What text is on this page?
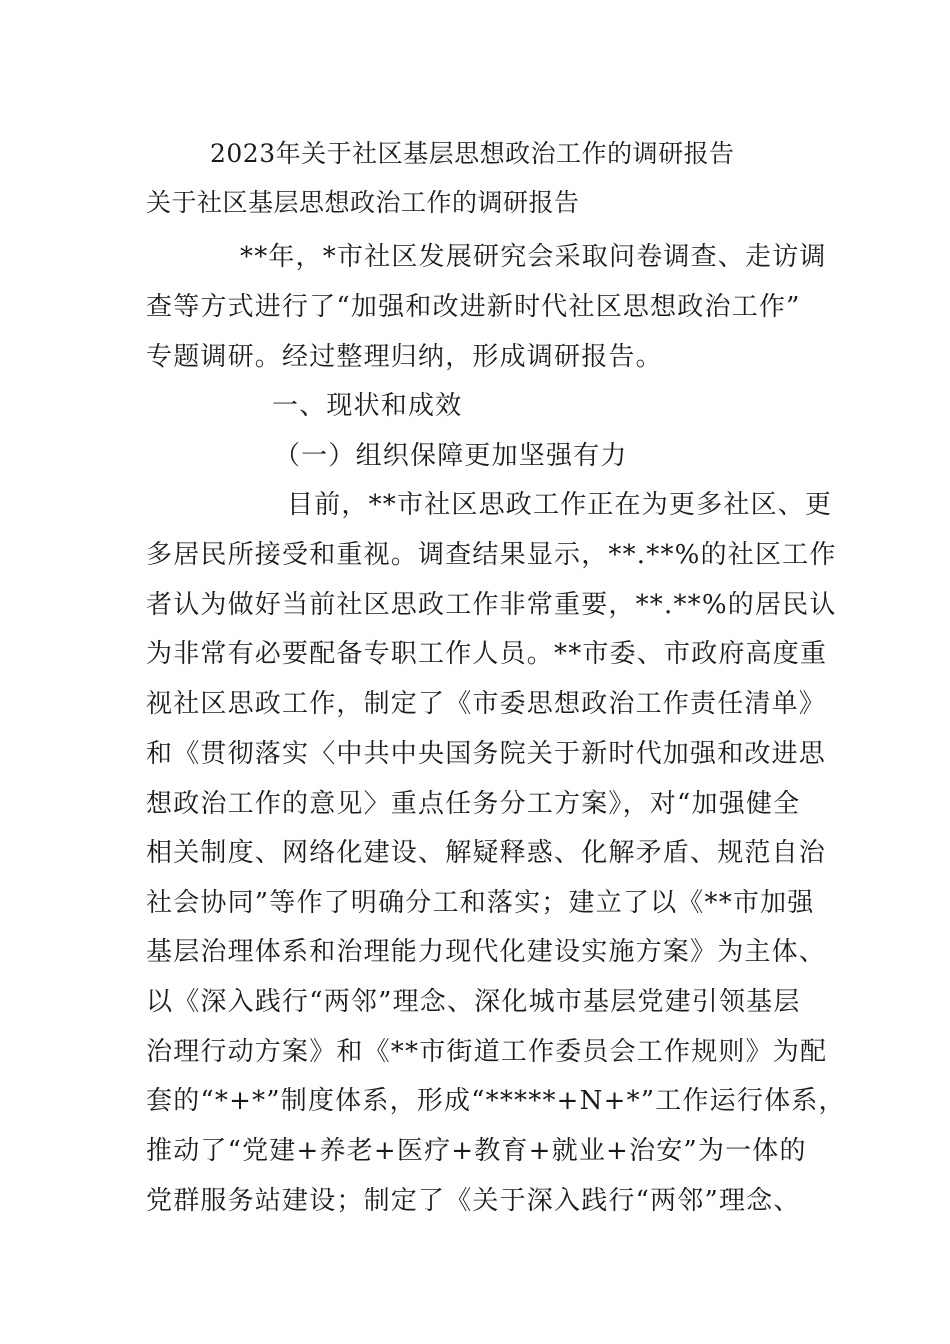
2023年关于社区基层思想政治工作的调研报告
关于社区基层思想政治工作的调研报告
**年，*市社区发展研究会采取问卷调查、走访调
查等方式进行了“加强和改进新时代社区思想政治工作”
专题调研。经过整理归纳，形成调研报告。
一、现状和成效
（一）组织保障更加坚强有力
目前，**市社区思政工作正在为更多社区、更
多居民所接受和重视。调查结果显示，**.**%的社区工作
者认为做好当前社区思政工作非常重要，**.**%的居民认
为非常有必要配备专职工作人员。**市委、市政府高度重
视社区思政工作，制定了《市委思想政治工作责任清单》
和《贯彻落实〈中共中央国务院关于新时代加强和改进思
想政治工作的意见〉重点任务分工方案》，对“加强健全
相关制度、网络化建设、解疑释惑、化解矛盾、规范自治
社会协同”等作了明确分工和落实；建立了以《**市加强
基层治理体系和治理能力现代化建设实施方案》为主体、
以《深入践行“两邻”理念、深化城市基层党建引领基层
治理行动方案》和《**市街道工作委员会工作规则》为配
套的“*+*”制度体系，形成“*****+N+*”工作运行体系，
推动了“党建+养老+医疗+教育+就业+治安”为一体的
党群服务站建设；制定了《关于深入践行“两邻”理念、
